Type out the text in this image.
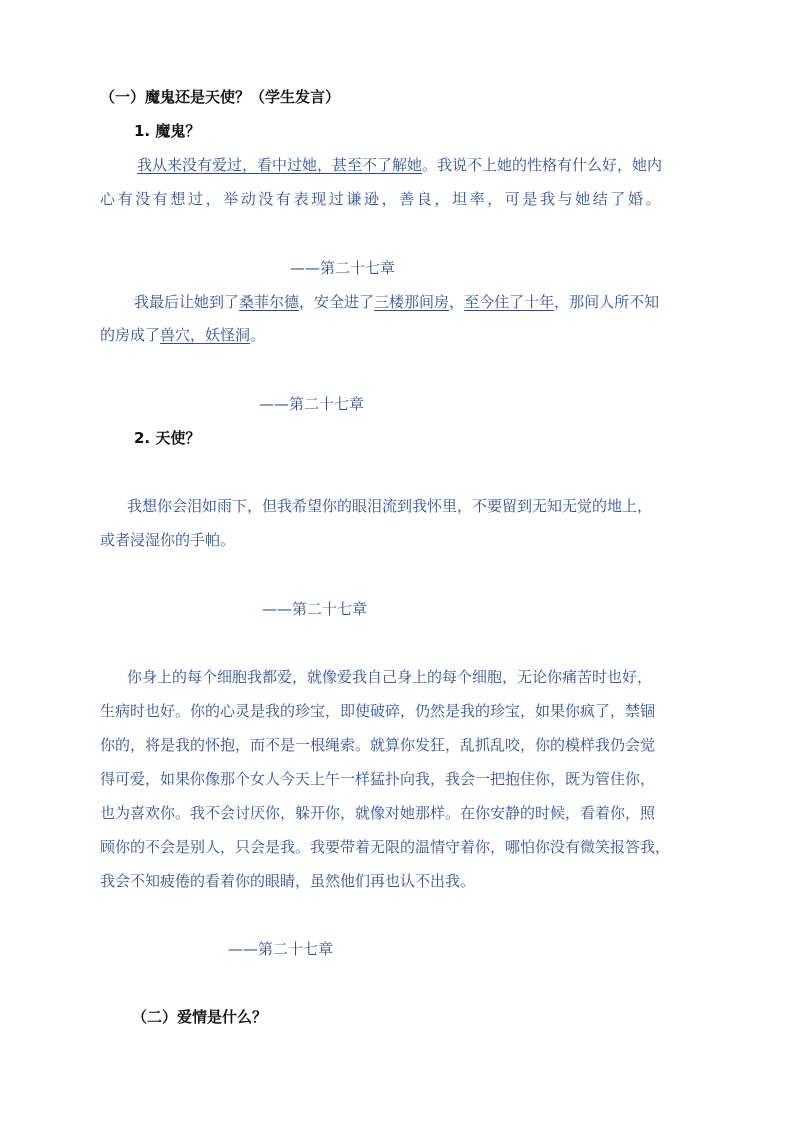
（一）魔鬼还是天使？（学生发言）
1. 魔鬼？
我从来没有爱过，看中过她，甚至不了解她。我说不上她的性格有什么好，她内
心有没有想过，举动没有表现过谦逊，善良，坦率，可是我与她结了婚。
——第二十七章
我最后让她到了桑菲尔德，安全进了三楼那间房，至今住了十年，那间人所不知
的房成了兽穴，妖怪洞。
——第二十七章
2. 天使？
我想你会泪如雨下，但我希望你的眼泪流到我怀里，不要留到无知无觉的地上，
或者浸湿你的手帕。
——第二十七章
你身上的每个细胞我都爱，就像爱我自己身上的每个细胞，无论你痛苦时也好，
生病时也好。你的心灵是我的珍宝，即使破碎，仍然是我的珍宝，如果你疯了，禁锢
你的，将是我的怀抱，而不是一根绳索。就算你发狂，乱抓乱咬，你的模样我仍会觉
得可爱，如果你像那个女人今天上午一样猛扑向我，我会一把抱住你，既为管住你，
也为喜欢你。我不会讨厌你，躲开你，就像对她那样。在你安静的时候，看着你，照
顾你的不会是别人，只会是我。我要带着无限的温情守着你，哪怕你没有微笑报答我，
我会不知疲倦的看着你的眼睛，虽然他们再也认不出我。
——第二十七章
（二）爱情是什么？
